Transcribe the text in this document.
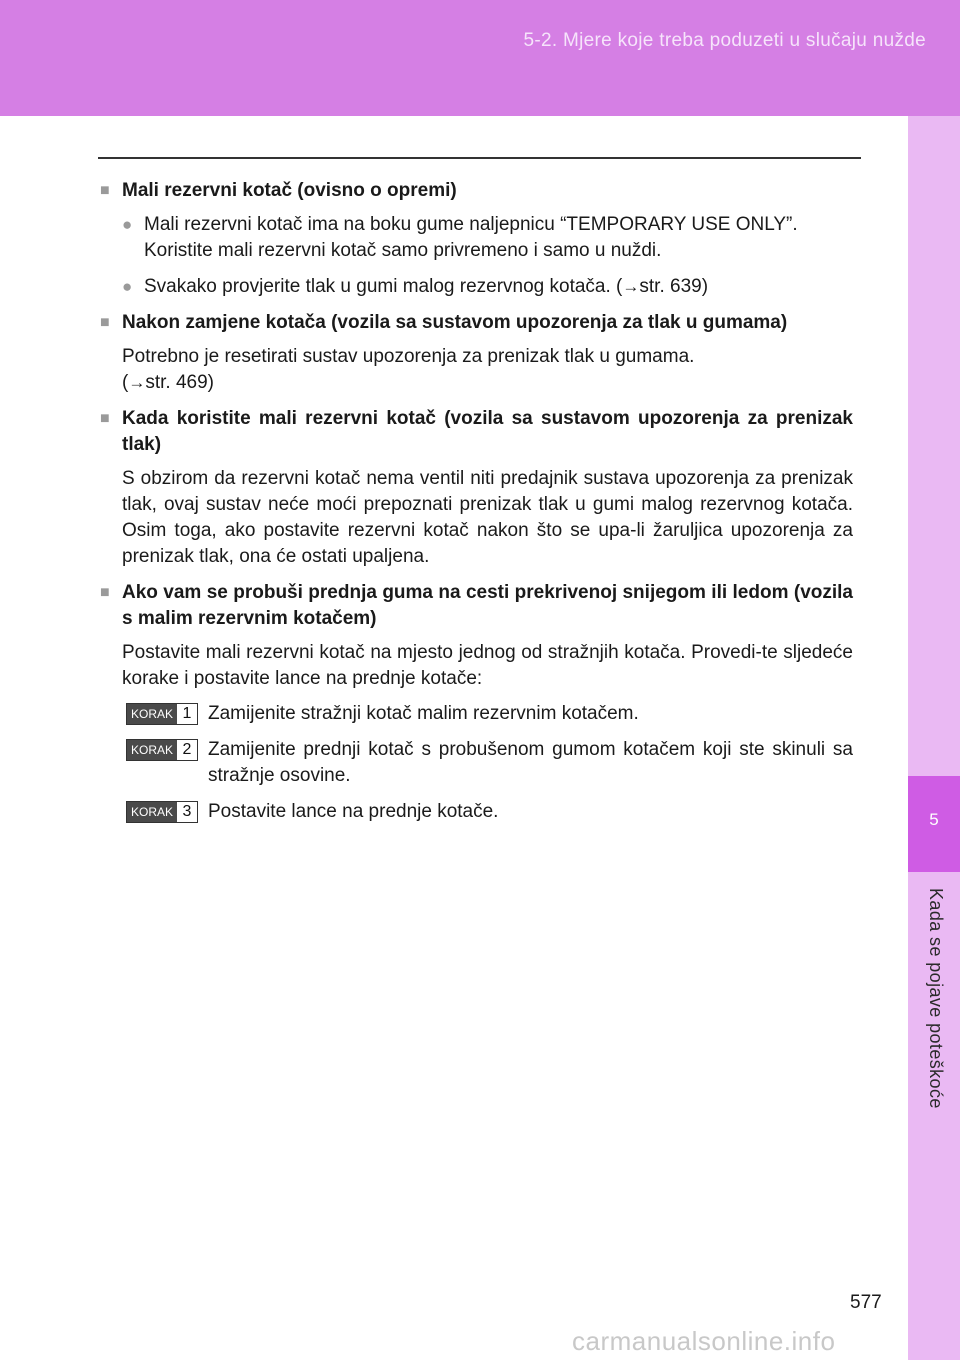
5-2. Mjere koje treba poduzeti u slučaju nužde
5
Kada se pojave poteškoće
■ Mali rezervni kotač (ovisno o opremi)
● Mali rezervni kotač ima na boku gume naljepnicu “TEMPORARY USE ONLY”.
Koristite mali rezervni kotač samo privremeno i samo u nuždi.
● Svakako provjerite tlak u gumi malog rezervnog kotača. (→str. 639)
■ Nakon zamjene kotača (vozila sa sustavom upozorenja za tlak u gumama)
Potrebno je resetirati sustav upozorenja za prenizak tlak u gumama.
(→str. 469)
■ Kada koristite mali rezervni kotač (vozila sa sustavom upozorenja za prenizak tlak)
S obzirom da rezervni kotač nema ventil niti predajnik sustava upozorenja za prenizak tlak, ovaj sustav neće moći prepoznati prenizak tlak u gumi malog rezervnog kotača. Osim toga, ako postavite rezervni kotač nakon što se upa-li žaruljica upozorenja za prenizak tlak, ona će ostati upaljena.
■ Ako vam se probuši prednja guma na cesti prekrivenoj snijegom ili ledom (vozila s malim rezervnim kotačem)
Postavite mali rezervni kotač na mjesto jednog od stražnjih kotača. Provedi-te sljedeće korake i postavite lance na prednje kotače:
KORAK 1 Zamijenite stražnji kotač malim rezervnim kotačem.
KORAK 2 Zamijenite prednji kotač s probušenom gumom kotačem koji ste skinuli sa stražnje osovine.
KORAK 3 Postavite lance na prednje kotače.
577
carmanualsonline.info
